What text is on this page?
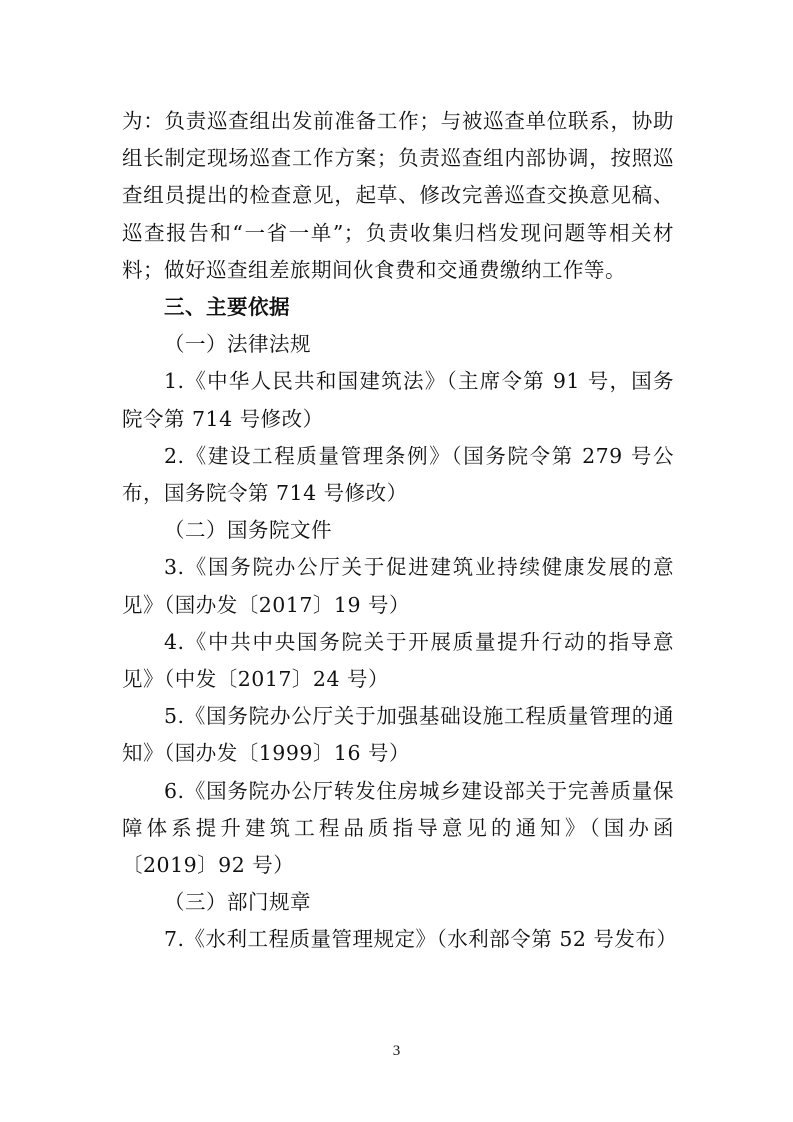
为：负责巡查组出发前准备工作；与被巡查单位联系，协助组长制定现场巡查工作方案；负责巡查组内部协调，按照巡查组员提出的检查意见，起草、修改完善巡查交换意见稿、巡查报告和“一省一单”；负责收集归档发现问题等相关材料；做好巡查组差旅期间伙食费和交通费缴纳工作等。

三、主要依据

（一）法律法规

1.《中华人民共和国建筑法》（主席令第 91 号，国务院令第 714 号修改）

2.《建设工程质量管理条例》（国务院令第 279 号公布，国务院令第 714 号修改）

（二）国务院文件

3.《国务院办公厅关于促进建筑业持续健康发展的意见》（国办发〔2017〕19 号）

4.《中共中央国务院关于开展质量提升行动的指导意见》（中发〔2017〕24 号）

5.《国务院办公厅关于加强基础设施工程质量管理的通知》（国办发〔1999〕16 号）

6.《国务院办公厅转发住房城乡建设部关于完善质量保障体系提升建筑工程品质指导意见的通知》（国办函〔2019〕92 号）

（三）部门规章

7.《水利工程质量管理规定》（水利部令第 52 号发布）

3
